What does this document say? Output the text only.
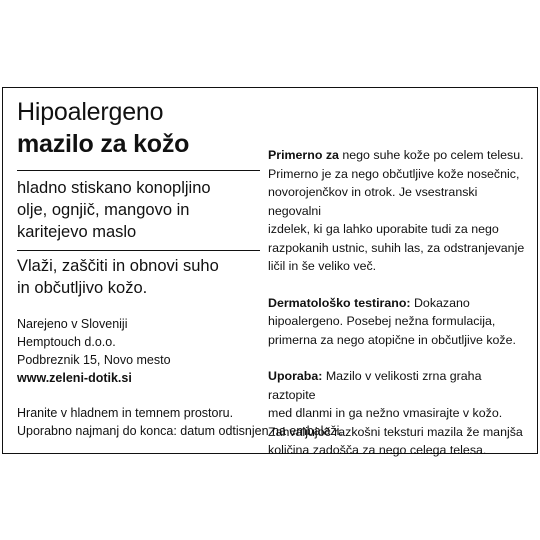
Hipoalergeno
mazilo za kožo
hladno stiskano konopljino
olje, ognjič, mangovo in
karitejevo maslo
Vlaži, zaščiti in obnovi suho
in občutljivo kožo.
Narejeno v Sloveniji
Hemptouch d.o.o.
Podbreznik 15, Novo mesto
www.zeleni-dotik.si
Hranite v hladnem in temnem prostoru.
Uporabno najmanj do konca: datum odtisnjen na embalaži.

Primerno za nego suhe kože po celem telesu.
Primerno je za nego občutljive kože nosečnic,
novorojenčkov in otrok. Je vsestranski negovalni
izdelek, ki ga lahko uporabite tudi za nego
razpokanih ustnic, suhih las, za odstranjevanje
ličil in še veliko več.

Dermatološko testirano: Dokazano
hipoalergeno. Posebej nežna formulacija,
primerna za nego atopične in občutljive kože.

Uporaba: Mazilo v velikosti zrna graha raztopite
med dlanmi in ga nežno vmasirajte v kožo.
Zahvaljujoč razkošni teksturi mazila že manjša
količina zadošča za nego celega telesa.
